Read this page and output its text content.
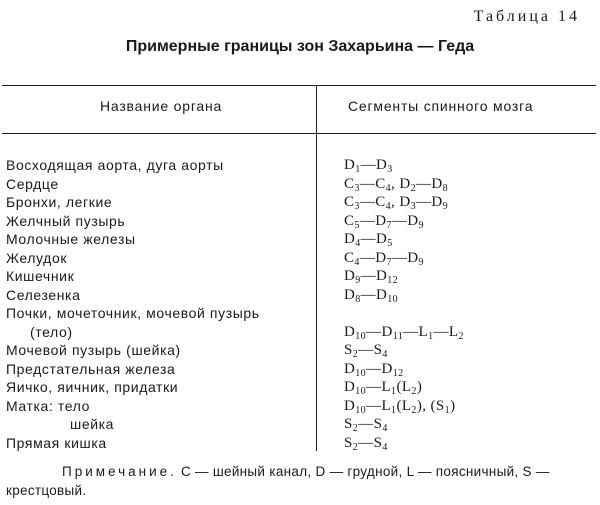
Таблица 14
Примерные границы зон Захарьина — Геда
Название органа	Сегменты спинного мозга
Восходящая аорта, дуга аорты	$D_1—D_3$
Сердце	$C_3—C_4$, $D_2—D_8$
Бронхи, легкие	$C_3—C_4$, $D_3—D_9$
Желчный пузырь	$C_5—D_7—D_9$
Молочные железы	$D_4—D_5$
Желудок	$C_4—D_7—D_9$
Кишечник	$D_9—D_{12}$
Селезенка	$D_8—D_{10}$
Почки, мочеточник, мочевой пузырь
(тело)	$D_{10}—D_{11}—L_1—L_2$
Мочевой пузырь (шейка)	$S_2—S_4$
Предстательная железа	$D_{10}—D_{12}$
Яичко, яичник, придатки	$D_{10}—L_1(L_2)$
Матка: тело	$D_{10}—L_1(L_2)$, $(S_1)$
шейка	$S_2—S_4$
Прямая кишка	$S_2—S_4$
Примечание. С — шейный канал, D — грудной, L — поясничный, S — крестцовый.
